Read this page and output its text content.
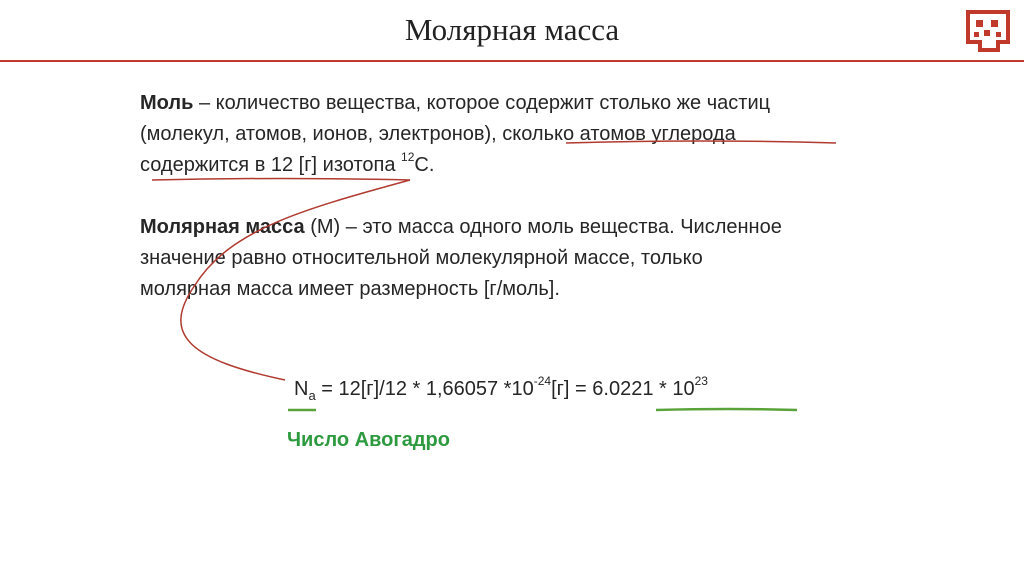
Молярная масса
Моль – количество вещества, которое содержит столько же частиц
(молекул, атомов, ионов, электронов), сколько атомов углерода
содержится в 12 [г] изотопа $^{12}$С.
Молярная масса (М) – это масса одного моль вещества. Численное
значение равно относительной молекулярной массе, только
молярная масса имеет размерность [г/моль].
$N_a = 12[г]/12 * 1,66057$ $*10^{-24}[г] = 6.0221 * 10^{23}$
Число Авогадро
